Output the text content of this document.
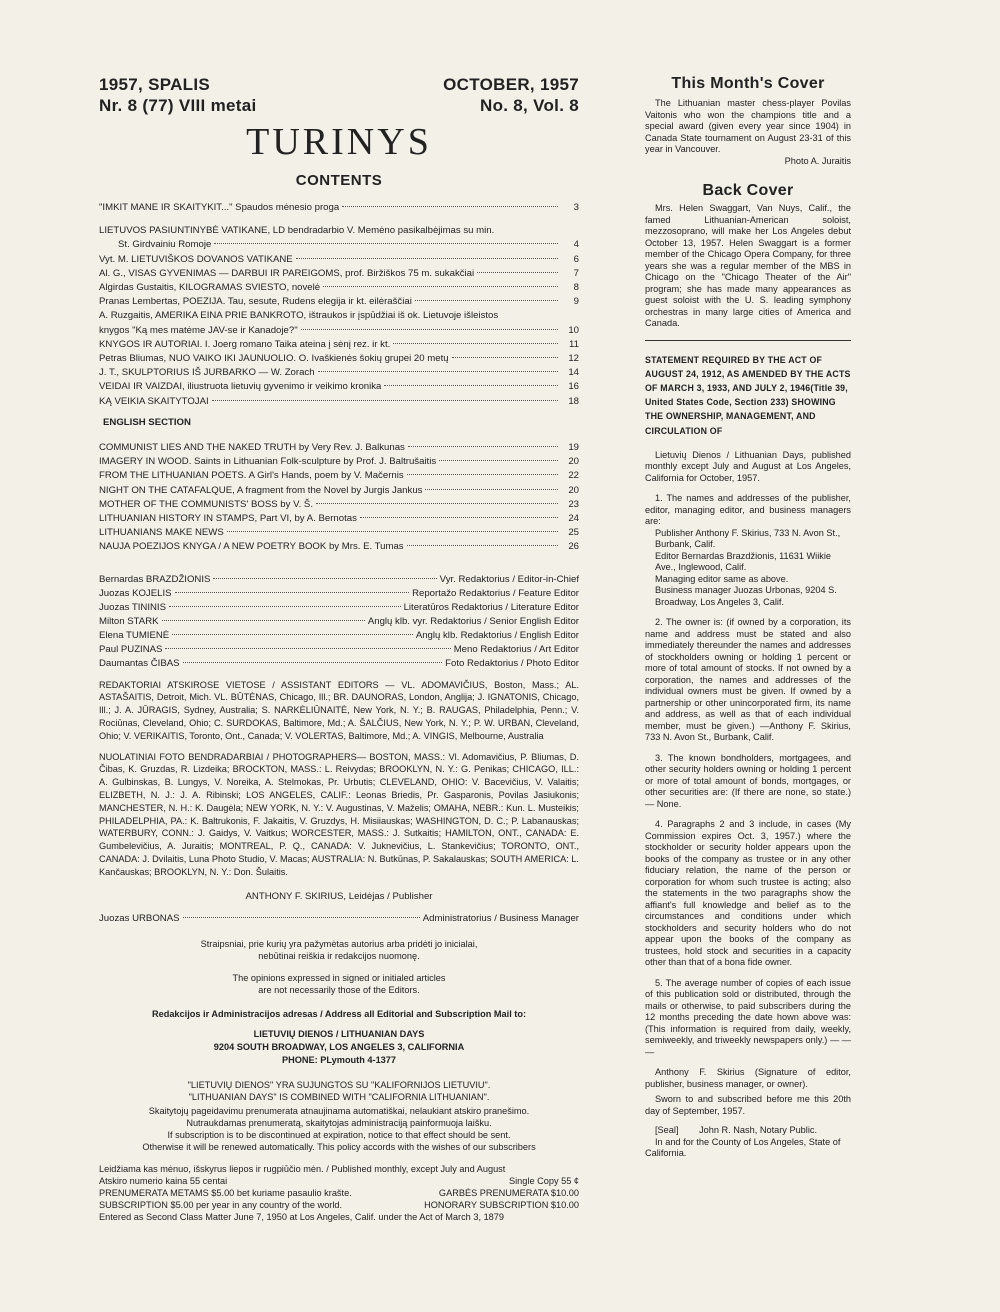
1957, SPALIS	OCTOBER, 1957
Nr. 8 (77) VIII metai	No. 8, Vol. 8
TURINYS
CONTENTS
"IMKIT MANE IR SKAITYKIT..." Spaudos mėnesio proga	3
LIETUVOS PASIUNTINYBĖ VATIKANE, LD bendradarbio V. Memėno pasikalbėjimas su min.
St. Girdvainiu Romoje	4
Vyt. M. LIETUVIŠKOS DOVANOS VATIKANE	6
Al. G., VISAS GYVENIMAS — DARBUI IR PAREIGOMS, prof. Biržiškos 75 m. sukakčiai	7
Algirdas Gustaitis, KILOGRAMAS SVIESTO, novelė	8
Pranas Lembertas, POEZIJA. Tau, sesute, Rudens elegija ir kt. eilėraščiai	9
A. Ruzgaitis, AMERIKA EINA PRIE BANKROTO, ištraukos ir įspūdžiai iš ok. Lietuvoje išleistos
knygos "Ką mes matėme JAV-se ir Kanadoje?"	10
KNYGOS IR AUTORIAI. I. Joerg romano Taika ateina į sėnį rez. ir kt.	11
Petras Bliumas, NUO VAIKO IKI JAUNUOLIO. O. Ivaškienės šokių grupei 20 metų	12
J. T., SKULPTORIUS IŠ JURBARKO — W. Zorach	14
VEIDAI IR VAIZDAI, iliustruota lietuvių gyvenimo ir veikimo kronika	16
KĄ VEIKIA SKAITYTOJAI	18
ENGLISH SECTION
COMMUNIST LIES AND THE NAKED TRUTH by Very Rev. J. Balkunas	19
IMAGERY IN WOOD. Saints in Lithuanian Folk-sculpture by Prof. J. Baltrušaitis	20
FROM THE LITHUANIAN POETS. A Girl's Hands, poem by V. Mačernis	22
NIGHT ON THE CATAFALQUE, A fragment from the Novel by Jurgis Jankus	20
MOTHER OF THE COMMUNISTS' BOSS by V. Š.	23
LITHUANIAN HISTORY IN STAMPS, Part VI, by A. Bernotas	24
LITHUANIANS MAKE NEWS	25
NAUJA POEZIJOS KNYGA / A NEW POETRY BOOK by Mrs. E. Tumas	26
Bernardas BRAZDŽIONIS	Vyr. Redaktorius / Editor-in-Chief
Juozas KOJELIS	Reportažo Redaktorius / Feature Editor
Juozas TININIS	Literatūros Redaktorius / Literature Editor
Milton STARK	Anglų klb. vyr. Redaktorius / Senior English Editor
Elena TUMIENĖ	Anglų klb. Redaktorius / English Editor
Paul PUZINAS	Meno Redaktorius / Art Editor
Daumantas ČIBAS	Foto Redaktorius / Photo Editor
REDAKTORIAI ATSKIROSE VIETOSE / ASSISTANT EDITORS — VL. ADOMAVIČIUS, Boston, Mass.; AL. ASTAŠAITIS, Detroit, Mich. VL. BŪTĖNAS, Chicago, Ill.; BR. DAUNORAS, London, Anglija; J. IGNATONIS, Chicago, Ill.; J. A. JŪRAGIS, Sydney, Australia; S. NARKĖLIŪNAITĖ, New York, N. Y.; B. RAUGAS, Philadelphia, Penn.; V. Rociūnas, Cleveland, Ohio; C. SURDOKAS, Baltimore, Md.; A. ŠALČIUS, New York, N. Y.; P. W. URBAN, Cleveland, Ohio; V. VERIKAITIS, Toronto, Ont., Canada; V. VOLERTAS, Baltimore, Md.; A. VINGIS, Melbourne, Australia
NUOLATINIAI FOTO BENDRADARBIAI / PHOTOGRAPHERS— BOSTON, MASS.: Vl. Adomavičius, P. Bliumas, D. Čibas, K. Gruzdas, R. Lizdeika; BROCKTON, MASS.: L. Reivydas; BROOKLYN, N. Y.: G. Penikas; CHICAGO, ILL.: A. Gulbinskas, B. Lungys, V. Noreika, A. Stelmokas, Pr. Urbutis; CLEVELAND, OHIO: V. Bacevičius, V. Valaitis; ELIZBETH, N. J.: J. A. Ribinski; LOS ANGELES, CALIF.: Leonas Briedis, Pr. Gasparonis, Povilas Jasiukonis; MANCHESTER, N. H.: K. Daugėla; NEW YORK, N. Y.: V. Augustinas, V. Maželis; OMAHA, NEBR.: Kun. L. Musteikis; PHILADELPHIA, PA.: K. Baltrukonis, F. Jakaitis, V. Gruzdys, H. Misiiauskas; WASHINGTON, D. C.; P. Labanauskas; WATERBURY, CONN.: J. Gaidys, V. Vaitkus; WORCESTER, MASS.: J. Sutkaitis; HAMILTON, ONT., CANADA: E. Gumbelevičius, A. Juraitis; MONTREAL, P. Q., CANADA: V. Juknevičius, L. Stankevičius; TORONTO, ONT., CANADA: J. Dvilaitis, Luna Photo Studio, V. Macas; AUSTRALIA: N. Butkūnas, P. Sakalauskas; SOUTH AMERICA: L. Kančauskas; BROOKLYN, N. Y.: Don. Šulaitis.
ANTHONY F. SKIRIUS, Leidėjas / Publisher
Juozas URBONAS	Administratorius / Business Manager
Straipsniai, prie kurių yra pažymėtas autorius arba pridėti jo inicialai,
nebūtinai reiškia ir redakcijos nuomonę.
The opinions expressed in signed or initialed articles
are not necessarily those of the Editors.
Redakcijos ir Administracijos adresas / Address all Editorial and Subscription Mail to:
LIETUVIŲ DIENOS / LITHUANIAN DAYS
9204 SOUTH BROADWAY, LOS ANGELES 3, CALIFORNIA
PHONE: PLymouth 4-1377
"LIETUVIŲ DIENOS" YRA SUJUNGTOS SU "KALIFORNIJOS LIETUVIU".
"LITHUANIAN DAYS" IS COMBINED WITH "CALIFORNIA LITHUANIAN".
Skaitytojų pageidavimu prenumerata atnaujinama automatiškai, nelaukiant atskiro pranešimo.
Nutraukdamas prenumeratą, skaitytojas administraciją painformuoja laišku.
If subscription is to be discontinued at expiration, notice to that effect should be sent.
Otherwise it will be renewed automatically. This policy accords with the wishes of our subscribers
Leidžiama kas mėnuo, išskyrus liepos ir rugpiūčio mėn. / Published monthly, except July and August
Atskiro numerio kaina 55 centai	Single Copy 55 ¢
PRENUMERATA METAMS $5.00 bet kuriame pasaulio krašte.	GARBĖS PRENUMERATA $10.00
SUBSCRIPTION $5.00 per year in any country of the world.	HONORARY SUBSCRIPTION $10.00
Entered as Second Class Matter June 7, 1950 at Los Angeles, Calif. under the Act of March 3, 1879
This Month's Cover

The Lithuanian master chess-player Povilas Vaitonis who won the champions title and a special award (given every year since 1904) in Canada State tournament on August 23-31 of this year in Vancouver.

Photo A. Juraitis
Back Cover

Mrs. Helen Swaggart, Van Nuys, Calif., the famed Lithuanian-American soloist, mezzosoprano, will make her Los Angeles debut October 13, 1957. Helen Swaggart is a former member of the Chicago Opera Company, for three years she was a regular member of the MBS in Chicago on the "Chicago Theater of the Air" program; she has made many appearances as guest soloist with the U. S. leading symphony orchestras in many large cities of America and Canada.

STATEMENT REQUIRED BY THE ACT OF AUGUST 24, 1912, AS AMENDED BY THE ACTS OF MARCH 3, 1933, AND JULY 2, 1946(Title 39, United States Code, Section 233) SHOWING THE OWNERSHIP, MANAGEMENT, AND CIRCULATION OF
Lietuvių Dienos / Lithuanian Days, published monthly except July and August at Los Angeles, California for October, 1957.
1. The names and addresses of the publisher, editor, managing editor, and business managers are:
Publisher Anthony F. Skirius, 733 N. Avon St., Burbank, Calif.
Editor Bernardas Brazdžionis, 11631 Wiikie Ave., Inglewood, Calif.
Managing editor same as above.
Business manager Juozas Urbonas, 9204 S. Broadway, Los Angeles 3, Calif.
2. The owner is: (if owned by a corporation, its name and address must be stated and also immediately thereunder the names and addresses of stockholders owning or holding 1 percent or more of total amount of stocks. If not owned by a corporation, the names and addresses of the individual owners must be given. If owned by a partnership or other unincorporated firm, its name and address, as well as that of each individual member, must be given.) —Anthony F. Skirius, 733 N. Avon St., Burbank, Calif.
3. The known bondholders, mortgagees, and other security holders owning or holding 1 percent or more of total amount of bonds, mortgages, or other securities are: (If there are none, so state.) — None.
4. Paragraphs 2 and 3 include, in cases (My Commission expires Oct. 3, 1957.) where the stockholder or security holder appears upon the books of the company as trustee or in any other fiduciary relation, the name of the person or corporation for whom such trustee is acting; also the statements in the two paragraphs show the affiant's full knowledge and belief as to the circumstances and conditions under which stockholders and security holders who do not appear upon the books of the company as trustees, hold stock and securities in a capacity other than that of a bona fide owner.
5. The average number of copies of each issue of this publication sold or distributed, through the mails or otherwise, to paid subscribers during the 12 months preceding the date hown above was: (This information is required from daily, weekly, semiweekly, and triweekly newspapers only.) — — —
Anthony F. Skirius (Signature of editor, publisher, business manager, or owner).
Sworn to and subscribed before me this 20th day of September, 1957.
[Seal] John R. Nash, Notary Public.
In and for the County of Los Angeles, State of California.
